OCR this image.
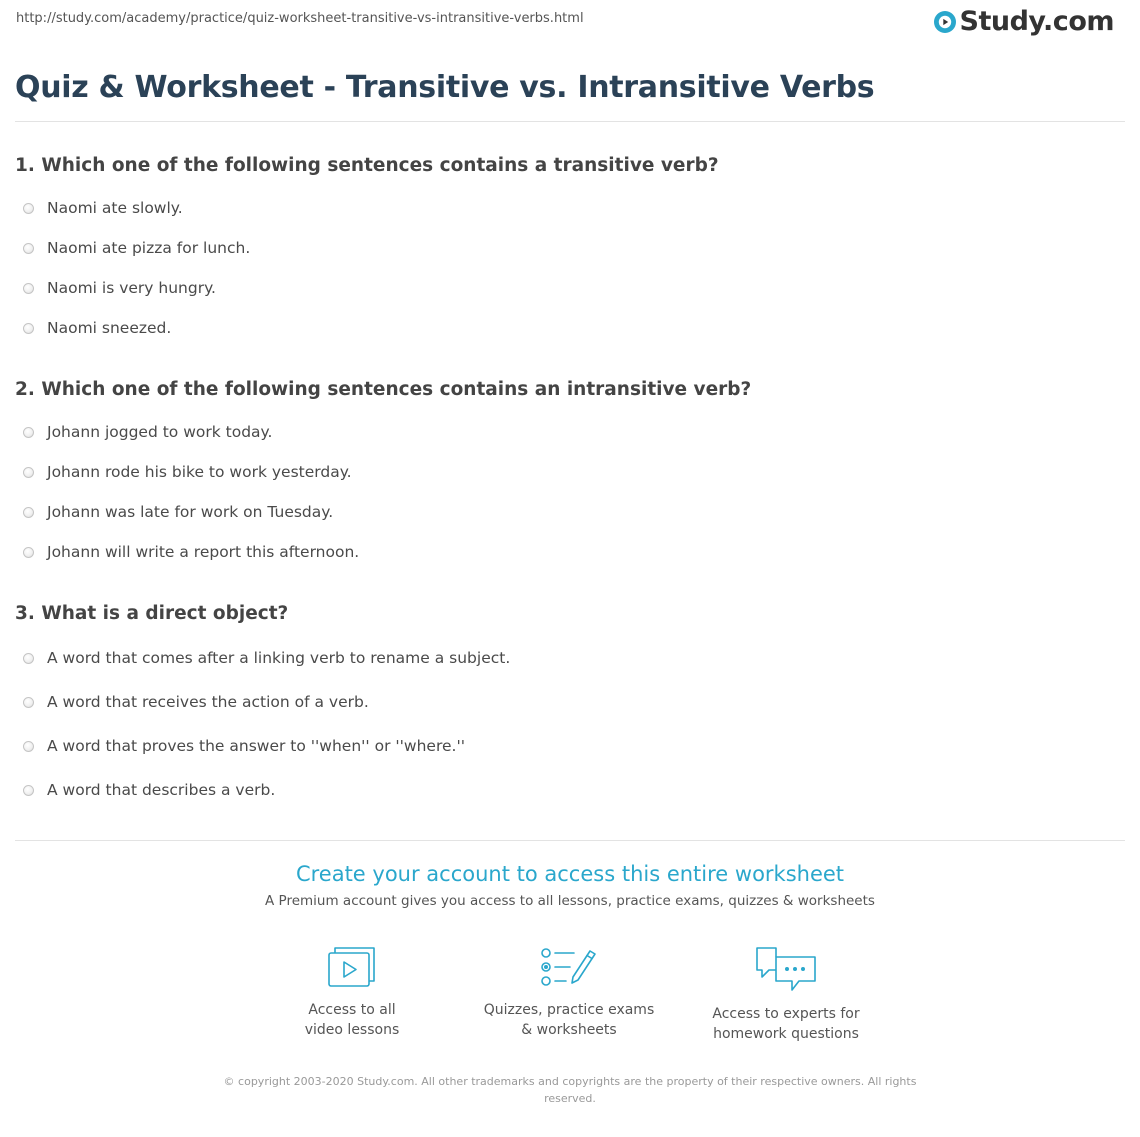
http://study.com/academy/practice/quiz-worksheet-transitive-vs-intransitive-verbs.html	Study.com
Quiz & Worksheet - Transitive vs. Intransitive Verbs
1. Which one of the following sentences contains a transitive verb?
Naomi ate slowly.
Naomi ate pizza for lunch.
Naomi is very hungry.
Naomi sneezed.
2. Which one of the following sentences contains an intransitive verb?
Johann jogged to work today.
Johann rode his bike to work yesterday.
Johann was late for work on Tuesday.
Johann will write a report this afternoon.
3. What is a direct object?
A word that comes after a linking verb to rename a subject.
A word that receives the action of a verb.
A word that proves the answer to ''when'' or ''where.''
A word that describes a verb.
Create your account to access this entire worksheet
A Premium account gives you access to all lessons, practice exams, quizzes & worksheets
Access to all
video lessons
Quizzes, practice exams
& worksheets
Access to experts for
homework questions
© copyright 2003-2020 Study.com. All other trademarks and copyrights are the property of their respective owners. All rights reserved.
